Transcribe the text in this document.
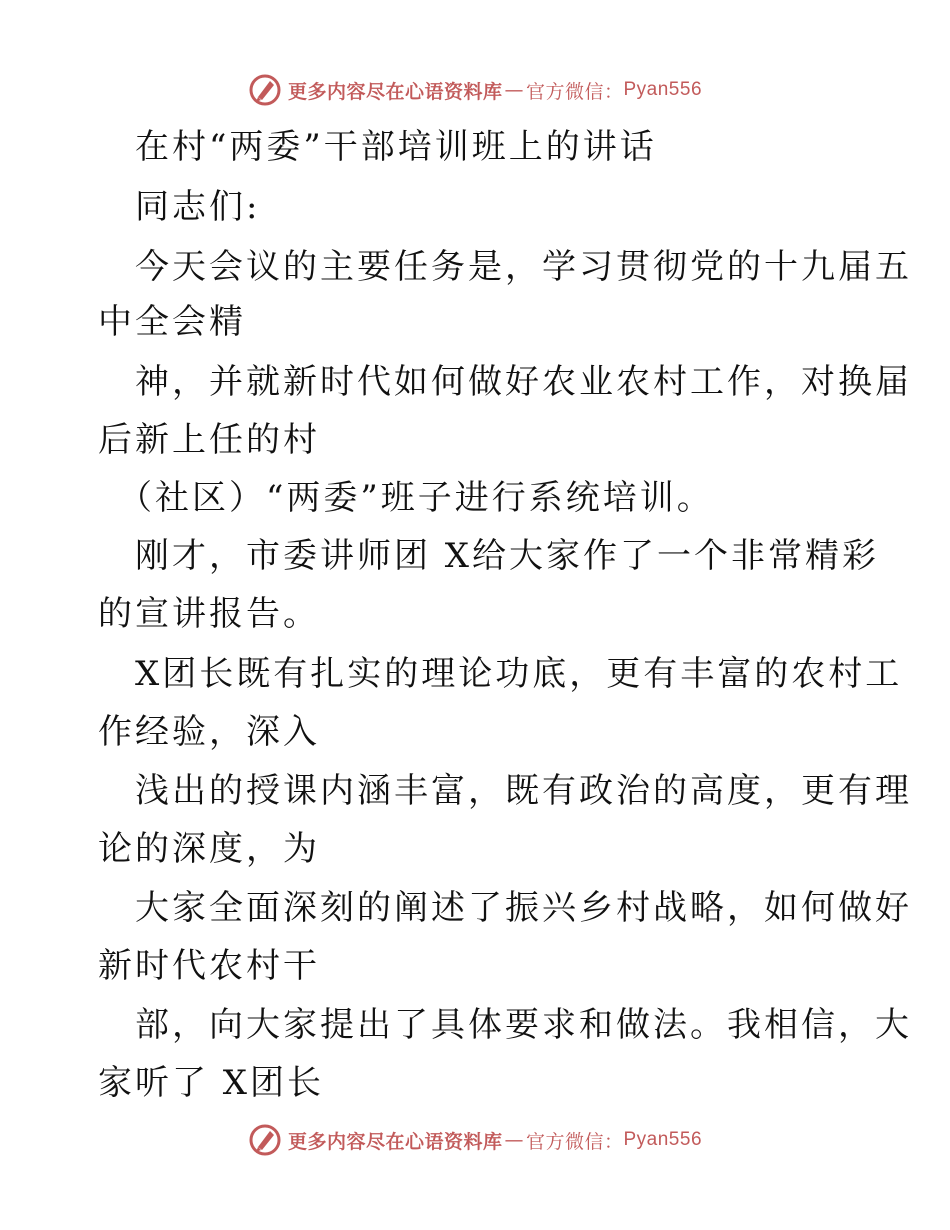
更多内容尽在心语资料库 — 官方微信： Pyan556
在村“两委”干部培训班上的讲话
同志们:
今天会议的主要任务是，学习贯彻党的十九届五
中全会精
神，并就新时代如何做好农业农村工作，对换届
后新上任的村
（社区）“两委”班子进行系统培训。
刚才，市委讲师团 X给大家作了一个非常精彩
的宣讲报告。
X团长既有扎实的理论功底，更有丰富的农村工
作经验，深入
浅出的授课内涵丰富，既有政治的高度，更有理
论的深度，为
大家全面深刻的阐述了振兴乡村战略，如何做好
新时代农村干
部，向大家提出了具体要求和做法。我相信，大
家听了 X团长
更多内容尽在心语资料库 — 官方微信： Pyan556
